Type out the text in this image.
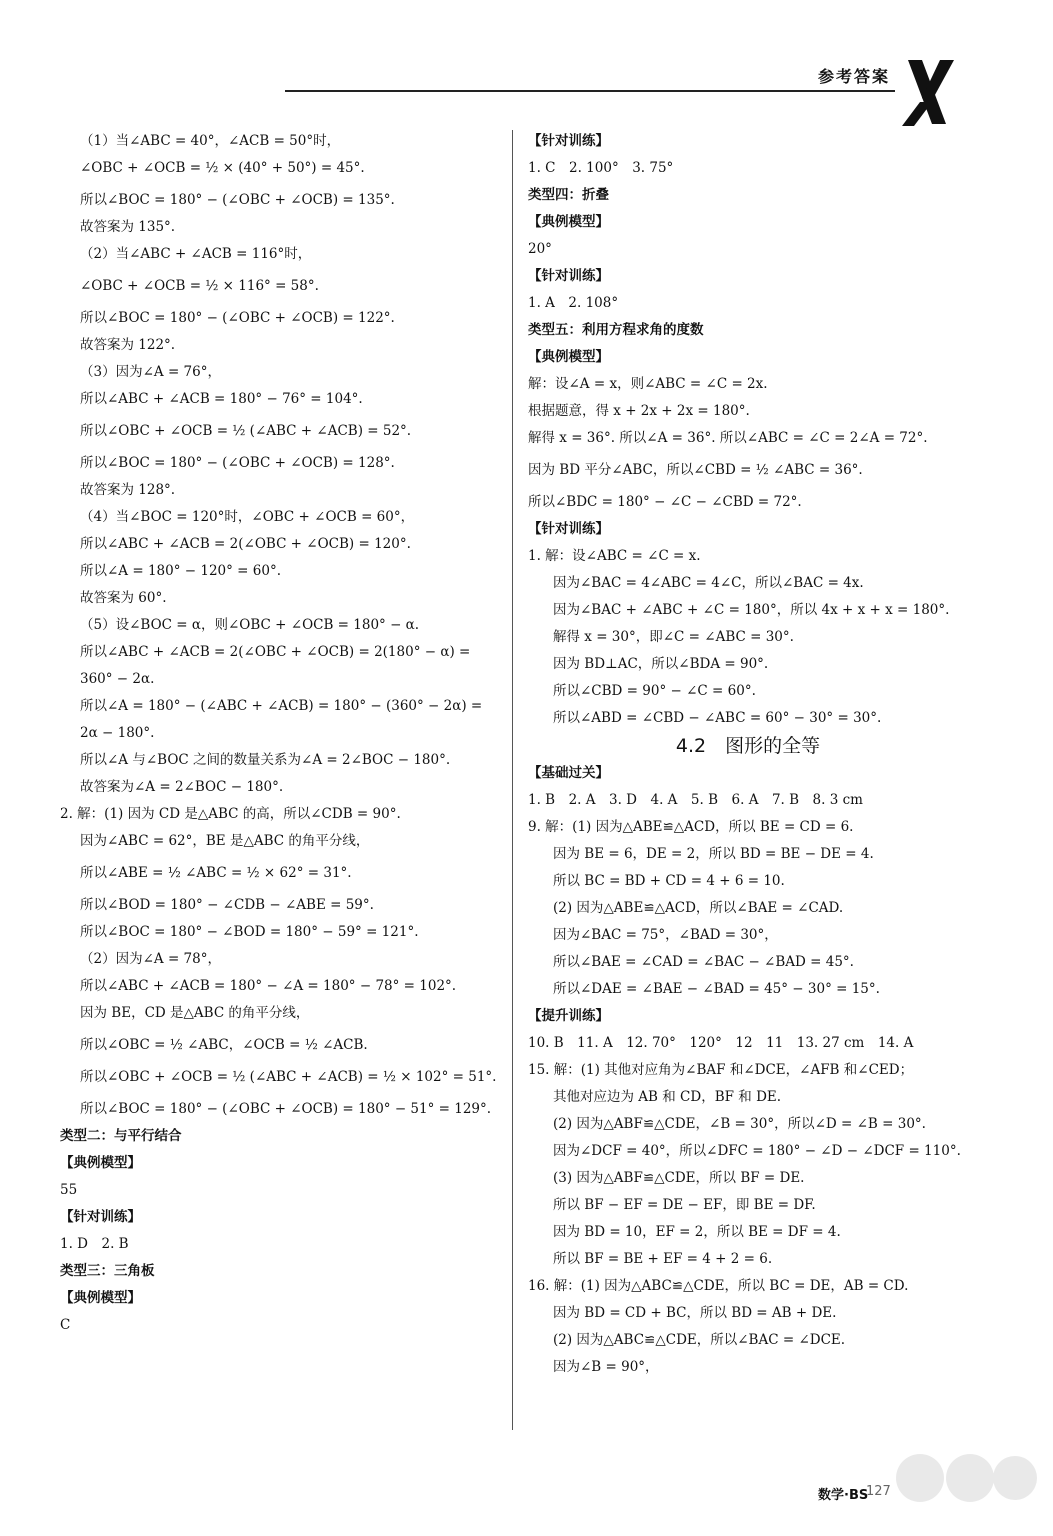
参考答案

（1）当∠ABC = 40°，∠ACB = 50°时，

∠OBC + ∠OCB = ½ × (40° + 50°) = 45°.

所以∠BOC = 180° − (∠OBC + ∠OCB) = 135°.

故答案为 135°.

（2）当∠ABC + ∠ACB = 116°时，

∠OBC + ∠OCB = ½ × 116° = 58°.

所以∠BOC = 180° − (∠OBC + ∠OCB) = 122°.

故答案为 122°.

（3）因为∠A = 76°，

所以∠ABC + ∠ACB = 180° − 76° = 104°.

所以∠OBC + ∠OCB = ½ (∠ABC + ∠ACB) = 52°.

所以∠BOC = 180° − (∠OBC + ∠OCB) = 128°.

故答案为 128°.

（4）当∠BOC = 120°时，∠OBC + ∠OCB = 60°，

所以∠ABC + ∠ACB = 2(∠OBC + ∠OCB) = 120°.

所以∠A = 180° − 120° = 60°.

故答案为 60°.

（5）设∠BOC = α，则∠OBC + ∠OCB = 180° − α.

所以∠ABC + ∠ACB = 2(∠OBC + ∠OCB) = 2(180° − α) =

360° − 2α.

所以∠A = 180° − (∠ABC + ∠ACB) = 180° − (360° − 2α) =

2α − 180°.

所以∠A 与∠BOC 之间的数量关系为∠A = 2∠BOC − 180°.

故答案为∠A = 2∠BOC − 180°.

2. 解：(1) 因为 CD 是△ABC 的高，所以∠CDB = 90°.

因为∠ABC = 62°，BE 是△ABC 的角平分线，

所以∠ABE = ½ ∠ABC = ½ × 62° = 31°.

所以∠BOD = 180° − ∠CDB − ∠ABE = 59°.

所以∠BOC = 180° − ∠BOD = 180° − 59° = 121°.

（2）因为∠A = 78°，

所以∠ABC + ∠ACB = 180° − ∠A = 180° − 78° = 102°.

因为 BE，CD 是△ABC 的角平分线，

所以∠OBC = ½ ∠ABC，∠OCB = ½ ∠ACB.

所以∠OBC + ∠OCB = ½ (∠ABC + ∠ACB) = ½ × 102° = 51°.

所以∠BOC = 180° − (∠OBC + ∠OCB) = 180° − 51° = 129°.

类型二：与平行结合

【典例模型】

55

【针对训练】

1. D　2. B

类型三：三角板

【典例模型】

C

【针对训练】

1. C　2. 100°　3. 75°

类型四：折叠

【典例模型】

20°

【针对训练】

1. A　2. 108°

类型五：利用方程求角的度数

【典例模型】

解：设∠A = x，则∠ABC = ∠C = 2x.

根据题意，得 x + 2x + 2x = 180°.

解得 x = 36°. 所以∠A = 36°. 所以∠ABC = ∠C = 2∠A = 72°.

因为 BD 平分∠ABC，所以∠CBD = ½ ∠ABC = 36°.

所以∠BDC = 180° − ∠C − ∠CBD = 72°.

【针对训练】

1. 解：设∠ABC = ∠C = x.

因为∠BAC = 4∠ABC = 4∠C，所以∠BAC = 4x.

因为∠BAC + ∠ABC + ∠C = 180°，所以 4x + x + x = 180°.

解得 x = 30°，即∠C = ∠ABC = 30°.

因为 BD⊥AC，所以∠BDA = 90°.

所以∠CBD = 90° − ∠C = 60°.

所以∠ABD = ∠CBD − ∠ABC = 60° − 30° = 30°.

4.2　图形的全等

【基础过关】

1. B　2. A　3. D　4. A　5. B　6. A　7. B　8. 3 cm

9. 解：(1) 因为△ABE≌△ACD，所以 BE = CD = 6.

因为 BE = 6，DE = 2，所以 BD = BE − DE = 4.

所以 BC = BD + CD = 4 + 6 = 10.

(2) 因为△ABE≌△ACD，所以∠BAE = ∠CAD.

因为∠BAC = 75°，∠BAD = 30°，

所以∠BAE = ∠CAD = ∠BAC − ∠BAD = 45°.

所以∠DAE = ∠BAE − ∠BAD = 45° − 30° = 15°.

【提升训练】

10. B　11. A　12. 70°　120°　12　11　13. 27 cm　14. A

15. 解：(1) 其他对应角为∠BAF 和∠DCE，∠AFB 和∠CED；

其他对应边为 AB 和 CD，BF 和 DE.

(2) 因为△ABF≌△CDE，∠B = 30°，所以∠D = ∠B = 30°.

因为∠DCF = 40°，所以∠DFC = 180° − ∠D − ∠DCF = 110°.

(3) 因为△ABF≌△CDE，所以 BF = DE.

所以 BF − EF = DE − EF，即 BE = DF.

因为 BD = 10，EF = 2，所以 BE = DF = 4.

所以 BF = BE + EF = 4 + 2 = 6.

16. 解：(1) 因为△ABC≌△CDE，所以 BC = DE，AB = CD.

因为 BD = CD + BC，所以 BD = AB + DE.

(2) 因为△ABC≌△CDE，所以∠BAC = ∠DCE.

因为∠B = 90°，

数学·BS
127
